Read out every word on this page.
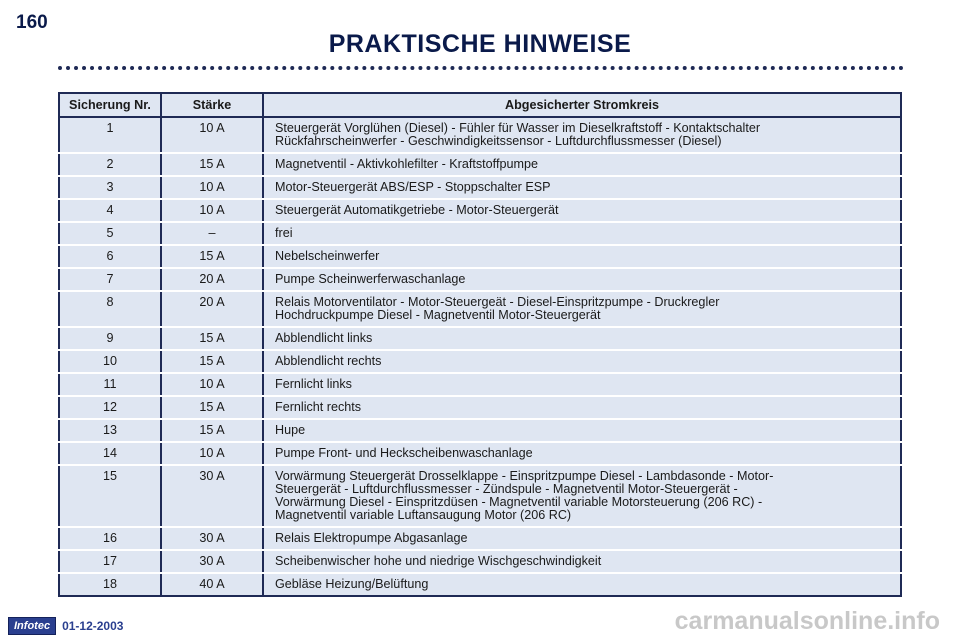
160
PRAKTISCHE HINWEISE
Sicherung Nr.	Stärke	Abgesicherter Stromkreis
1	10 A	Steuergerät Vorglühen (Diesel) - Fühler für Wasser im Dieselkraftstoff - Kontaktschalter
Rückfahrscheinwerfer - Geschwindigkeitssensor - Luftdurchflussmesser (Diesel)
2	15 A	Magnetventil - Aktivkohlefilter - Kraftstoffpumpe
3	10 A	Motor-Steuergerät ABS/ESP - Stoppschalter ESP
4	10 A	Steuergerät Automatikgetriebe - Motor-Steuergerät
5	–	frei
6	15 A	Nebelscheinwerfer
7	20 A	Pumpe Scheinwerferwaschanlage
8	20 A	Relais Motorventilator - Motor-Steuergeät - Diesel-Einspritzpumpe - Druckregler
Hochdruckpumpe Diesel - Magnetventil Motor-Steuergerät
9	15 A	Abblendlicht links
10	15 A	Abblendlicht rechts
11	10 A	Fernlicht links
12	15 A	Fernlicht rechts
13	15 A	Hupe
14	10 A	Pumpe Front- und Heckscheibenwaschanlage
15	30 A	Vorwärmung Steuergerät Drosselklappe - Einspritzpumpe Diesel - Lambdasonde - Motor-
Steuergerät - Luftdurchflussmesser - Zündspule - Magnetventil Motor-Steuergerät -
Vorwärmung Diesel - Einspritzdüsen - Magnetventil variable Motorsteuerung (206 RC) -
Magnetventil variable Luftansaugung Motor (206 RC)
16	30 A	Relais Elektropumpe Abgasanlage
17	30 A	Scheibenwischer hohe und niedrige Wischgeschwindigkeit
18	40 A	Gebläse Heizung/Belüftung
Infotec	01-12-2003	carmanualsonline.info
